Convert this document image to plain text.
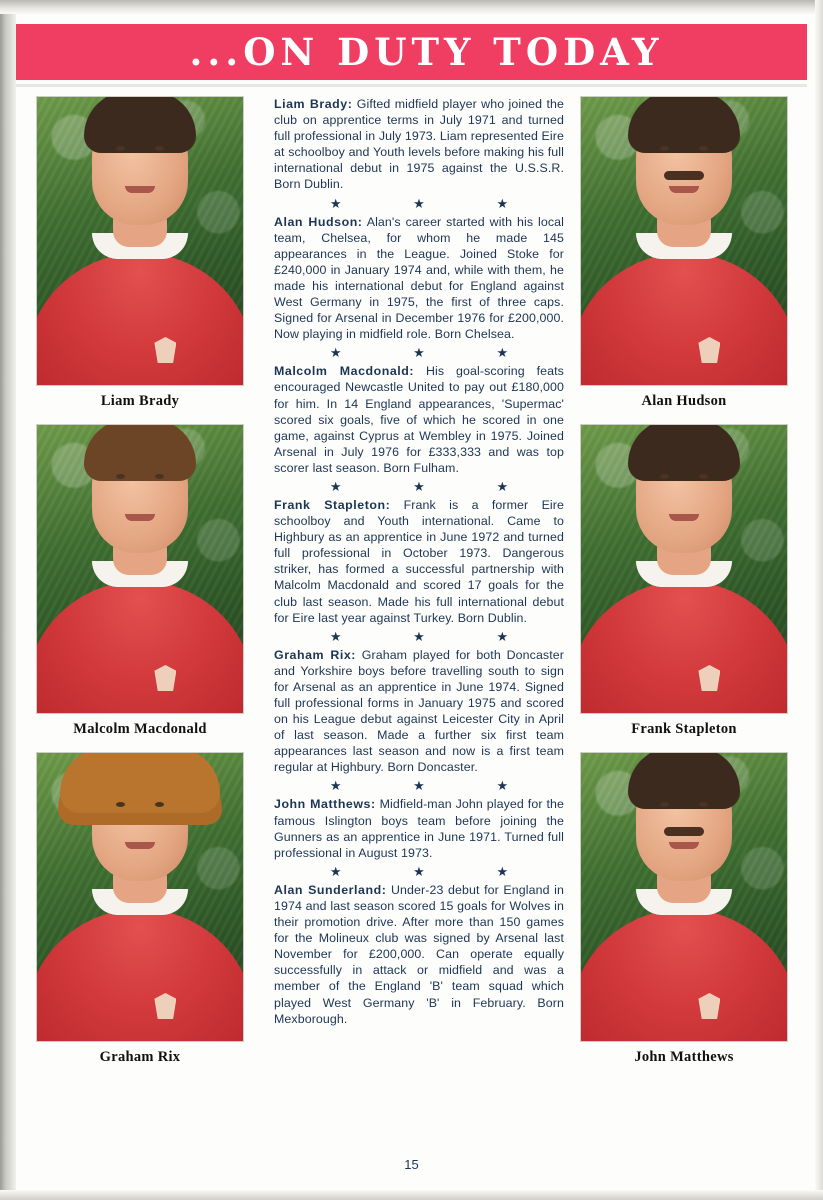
...ON DUTY TODAY
Liam Brady
Malcolm Macdonald
Graham Rix

Liam Brady: Gifted midfield player who joined the club on apprentice terms in July 1971 and turned full professional in July 1973. Liam represented Eire at schoolboy and Youth levels before making his full international debut in 1975 against the U.S.S.R. Born Dublin.

★ ★ ★

Alan Hudson: Alan's career started with his local team, Chelsea, for whom he made 145 appearances in the League. Joined Stoke for £240,000 in January 1974 and, while with them, he made his international debut for England against West Germany in 1975, the first of three caps. Signed for Arsenal in December 1976 for £200,000. Now playing in midfield role. Born Chelsea.

★ ★ ★

Malcolm Macdonald: His goal-scoring feats encouraged Newcastle United to pay out £180,000 for him. In 14 England appearances, 'Supermac' scored six goals, five of which he scored in one game, against Cyprus at Wembley in 1975. Joined Arsenal in July 1976 for £333,333 and was top scorer last season. Born Fulham.

★ ★ ★

Frank Stapleton: Frank is a former Eire schoolboy and Youth international. Came to Highbury as an apprentice in June 1972 and turned full professional in October 1973. Dangerous striker, has formed a successful partnership with Malcolm Macdonald and scored 17 goals for the club last season. Made his full international debut for Eire last year against Turkey. Born Dublin.

★ ★ ★

Graham Rix: Graham played for both Doncaster and Yorkshire boys before travelling south to sign for Arsenal as an apprentice in June 1974. Signed full professional forms in January 1975 and scored on his League debut against Leicester City in April of last season. Made a further six first team appearances last season and now is a first team regular at Highbury. Born Doncaster.

★ ★ ★

John Matthews: Midfield-man John played for the famous Islington boys team before joining the Gunners as an apprentice in June 1971. Turned full professional in August 1973.

★ ★ ★

Alan Sunderland: Under-23 debut for England in 1974 and last season scored 15 goals for Wolves in their promotion drive. After more than 150 games for the Molineux club was signed by Arsenal last November for £200,000. Can operate equally successfully in attack or midfield and was a member of the England 'B' team squad which played West Germany 'B' in February. Born Mexborough.

Alan Hudson
Frank Stapleton
John Matthews
15
